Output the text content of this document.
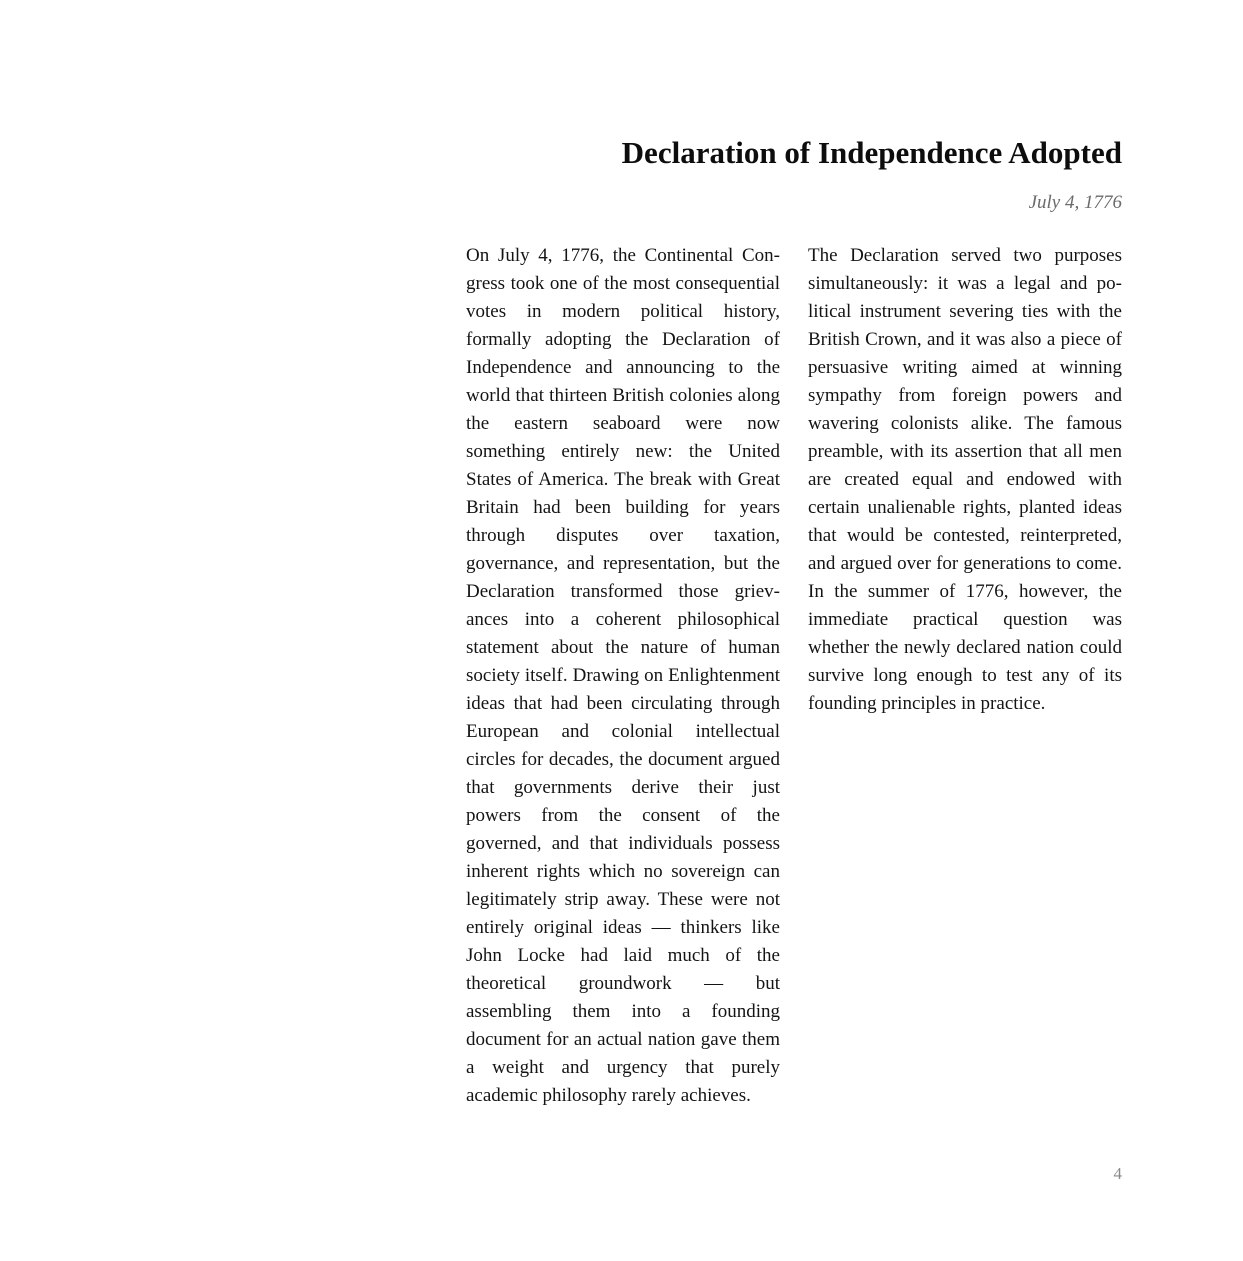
Declaration of Independence Adopted
July 4, 1776

On July 4, 1776, the Continental Congress took one of the most consequential votes in modern political history, formally adopting the Declaration of Independence and announcing to the world that thirteen British colonies along the eastern seaboard were now something entirely new: the United States of America. The break with Great Britain had been building for years through disputes over taxation, governance, and representation, but the Declaration transformed those grievances into a coherent philosophical statement about the nature of human society itself. Drawing on Enlightenment ideas that had been circulating through European and colonial intellectual circles for decades, the document argued that governments derive their just powers from the consent of the governed, and that individuals possess inherent rights which no sovereign can legitimately strip away. These were not entirely original ideas — thinkers like John Locke had laid much of the theoretical groundwork — but assembling them into a founding document for an actual nation gave them a weight and urgency that purely academic philosophy rarely achieves.

The Declaration served two purposes simultaneously: it was a legal and political instrument severing ties with the British Crown, and it was also a piece of persuasive writing aimed at winning sympathy from foreign powers and wavering colonists alike. The famous preamble, with its assertion that all men are created equal and endowed with certain unalienable rights, planted ideas that would be contested, reinterpreted, and argued over for generations to come. In the summer of 1776, however, the immediate practical question was whether the newly declared nation could survive long enough to test any of its founding principles in practice.

4
